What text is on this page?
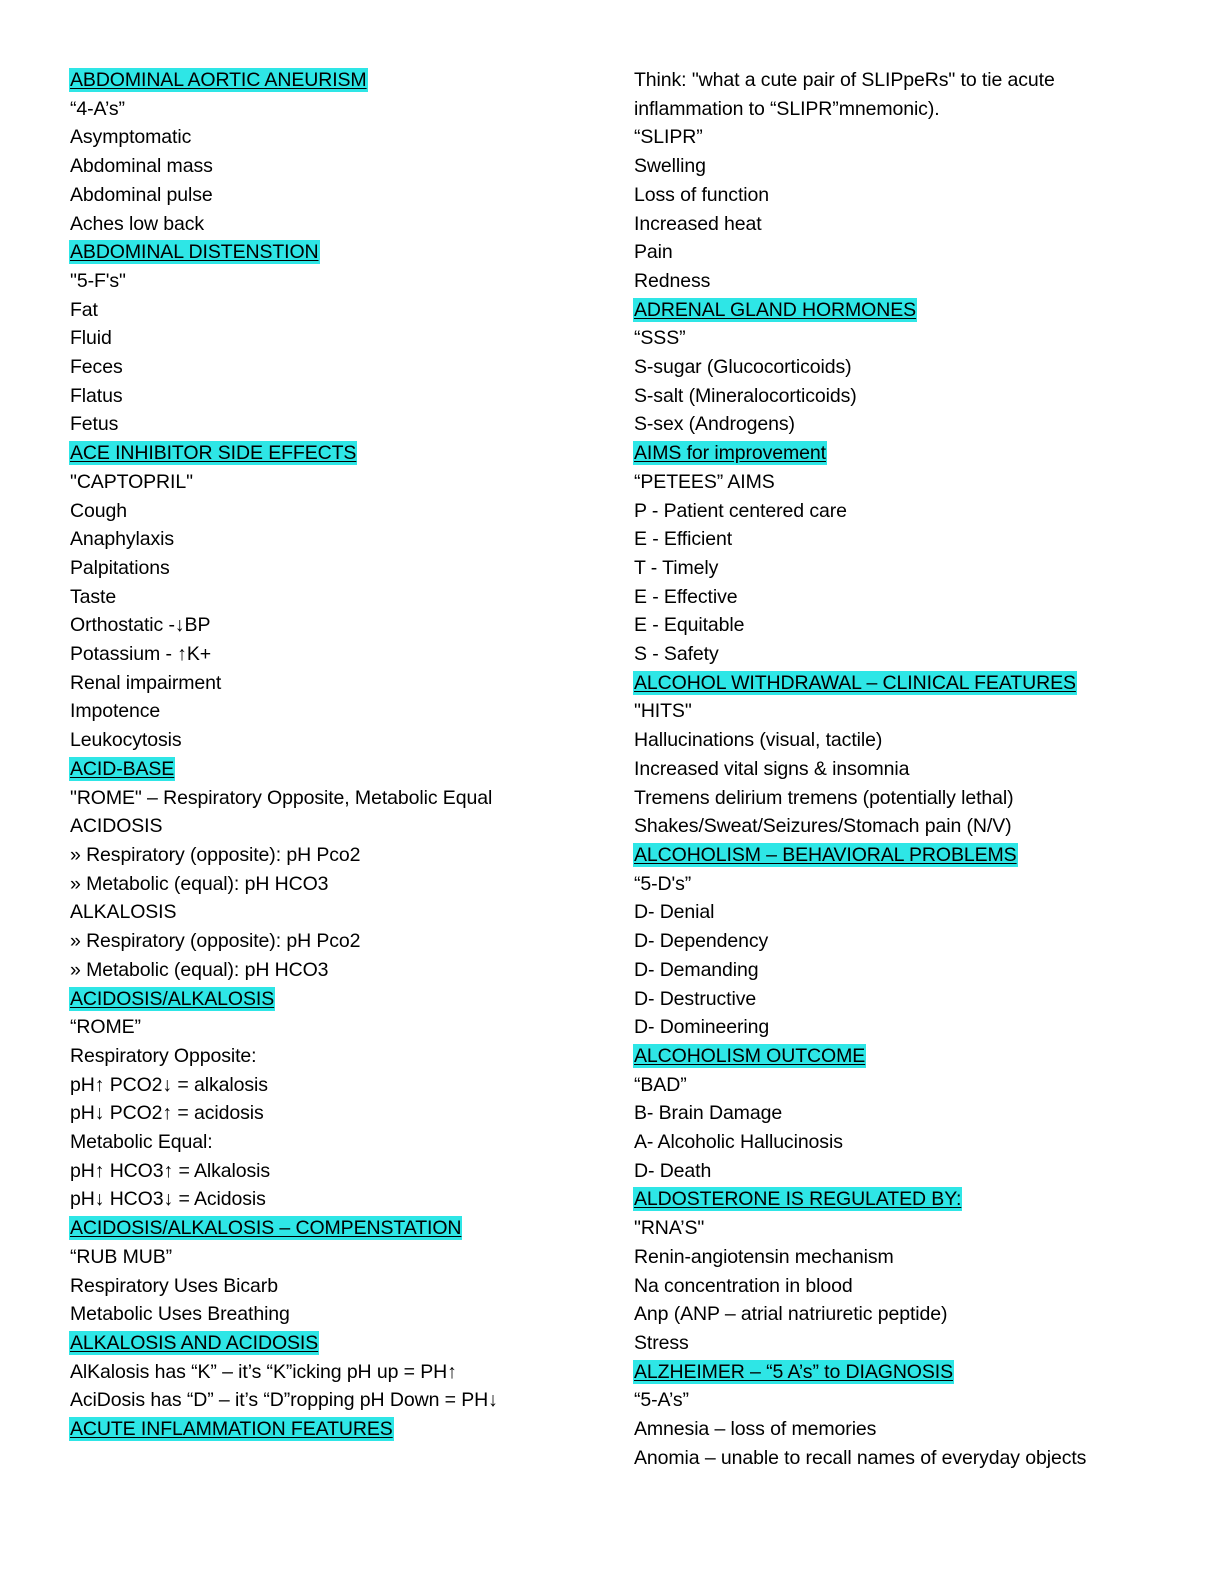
ABDOMINAL AORTIC ANEURISM
“4-A’s”
Asymptomatic
Abdominal mass
Abdominal pulse
Aches low back
ABDOMINAL DISTENSTION
"5-F's"
Fat
Fluid
Feces
Flatus
Fetus
ACE INHIBITOR SIDE EFFECTS
"CAPTOPRIL"
Cough
Anaphylaxis
Palpitations
Taste
Orthostatic -↓BP
Potassium - ↑K+
Renal impairment
Impotence
Leukocytosis
ACID-BASE
"ROME" – Respiratory Opposite, Metabolic Equal
ACIDOSIS
» Respiratory (opposite): pH Pco2
» Metabolic (equal): pH HCO3
ALKALOSIS
» Respiratory (opposite): pH Pco2
» Metabolic (equal): pH HCO3
ACIDOSIS/ALKALOSIS
“ROME”
Respiratory Opposite:
pH↑ PCO2↓ = alkalosis
pH↓ PCO2↑ = acidosis
Metabolic Equal:
pH↑ HCO3↑ = Alkalosis
pH↓ HCO3↓ = Acidosis
ACIDOSIS/ALKALOSIS – COMPENSTATION
“RUB MUB”
Respiratory Uses Bicarb
Metabolic Uses Breathing
ALKALOSIS AND ACIDOSIS
AlKalosis has “K” – it’s “K”icking pH up = PH↑
AciDosis has “D” – it’s “D”ropping pH Down = PH↓
ACUTE INFLAMMATION FEATURES
Think: "what a cute pair of SLIPpeRs" to tie acute
inflammation to “SLIPR”mnemonic).
“SLIPR”
Swelling
Loss of function
Increased heat
Pain
Redness
ADRENAL GLAND HORMONES
“SSS”
S-sugar (Glucocorticoids)
S-salt (Mineralocorticoids)
S-sex (Androgens)
AIMS for improvement
“PETEES” AIMS
P - Patient centered care
E - Efficient
T - Timely
E - Effective
E - Equitable
S - Safety
ALCOHOL WITHDRAWAL – CLINICAL FEATURES
"HITS"
Hallucinations (visual, tactile)
Increased vital signs & insomnia
Tremens delirium tremens (potentially lethal)
Shakes/Sweat/Seizures/Stomach pain (N/V)
ALCOHOLISM – BEHAVIORAL PROBLEMS
“5-D's”
D- Denial
D- Dependency
D- Demanding
D- Destructive
D- Domineering
ALCOHOLISM OUTCOME
“BAD”
B- Brain Damage
A- Alcoholic Hallucinosis
D- Death
ALDOSTERONE IS REGULATED BY:
"RNA’S"
Renin-angiotensin mechanism
Na concentration in blood
Anp (ANP – atrial natriuretic peptide)
Stress
ALZHEIMER – “5 A’s” to DIAGNOSIS
“5-A’s”
Amnesia – loss of memories
Anomia – unable to recall names of everyday objects
